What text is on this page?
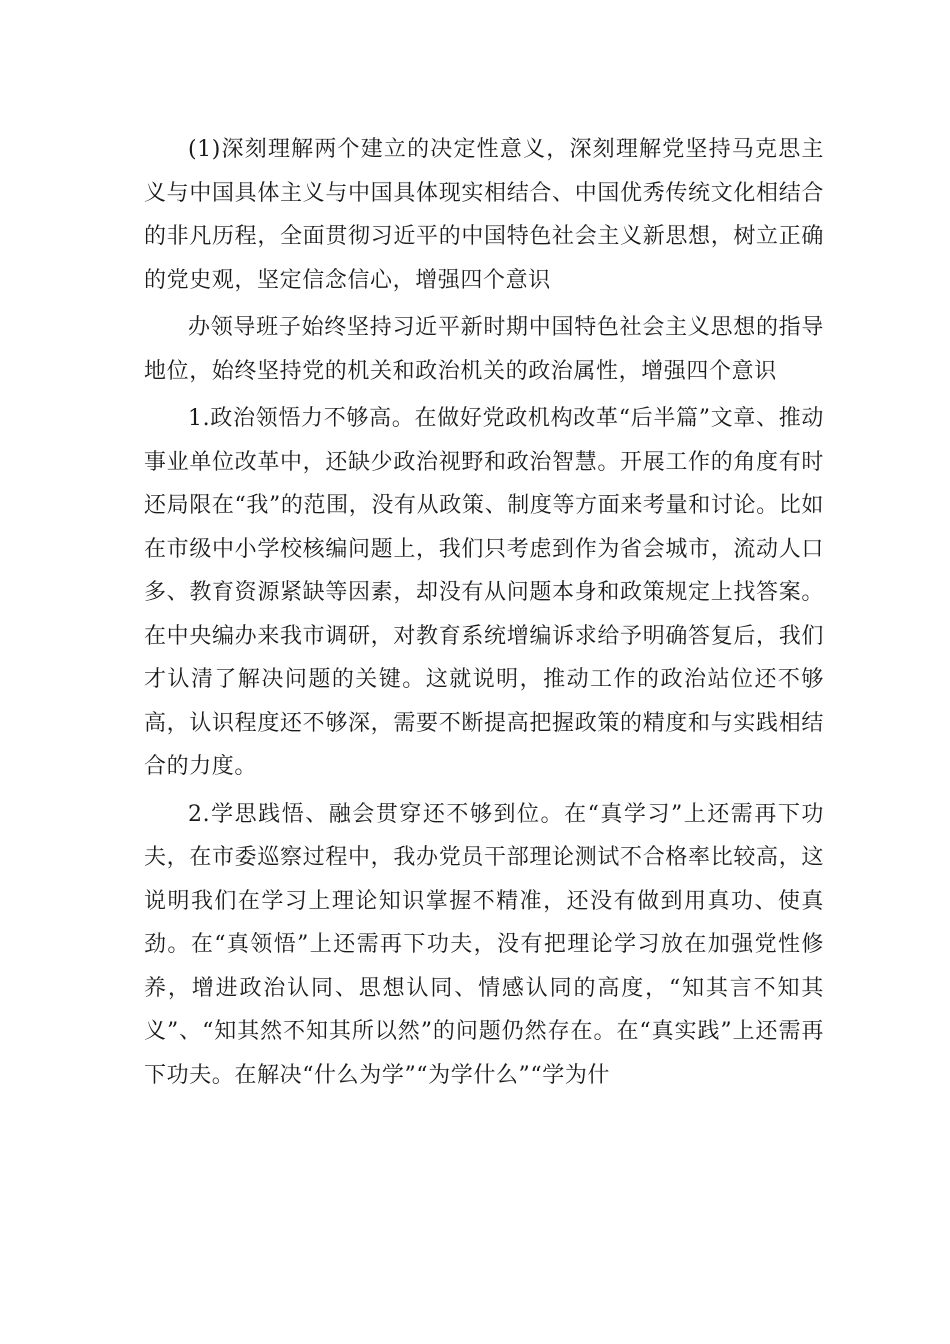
(1)深刻理解两个建立的决定性意义，深刻理解党坚持马克思主义与中国具体主义与中国具体现实相结合、中国优秀传统文化相结合的非凡历程，全面贯彻习近平的中国特色社会主义新思想，树立正确的党史观，坚定信念信心，增强四个意识

办领导班子始终坚持习近平新时期中国特色社会主义思想的指导地位，始终坚持党的机关和政治机关的政治属性，增强四个意识

1.政治领悟力不够高。在做好党政机构改革“后半篇”文章、推动事业单位改革中，还缺少政治视野和政治智慧。开展工作的角度有时还局限在“我”的范围，没有从政策、制度等方面来考量和讨论。比如在市级中小学校核编问题上，我们只考虑到作为省会城市，流动人口多、教育资源紧缺等因素，却没有从问题本身和政策规定上找答案。在中央编办来我市调研，对教育系统增编诉求给予明确答复后，我们才认清了解决问题的关键。这就说明，推动工作的政治站位还不够高，认识程度还不够深，需要不断提高把握政策的精度和与实践相结合的力度。

2.学思践悟、融会贯穿还不够到位。在“真学习”上还需再下功夫，在市委巡察过程中，我办党员干部理论测试不合格率比较高，这说明我们在学习上理论知识掌握不精准，还没有做到用真功、使真劲。在“真领悟”上还需再下功夫，没有把理论学习放在加强党性修养，增进政治认同、思想认同、情感认同的高度，“知其言不知其义”、“知其然不知其所以然”的问题仍然存在。在“真实践”上还需再下功夫。在解决“什么为学”“为学什么”“学为什
